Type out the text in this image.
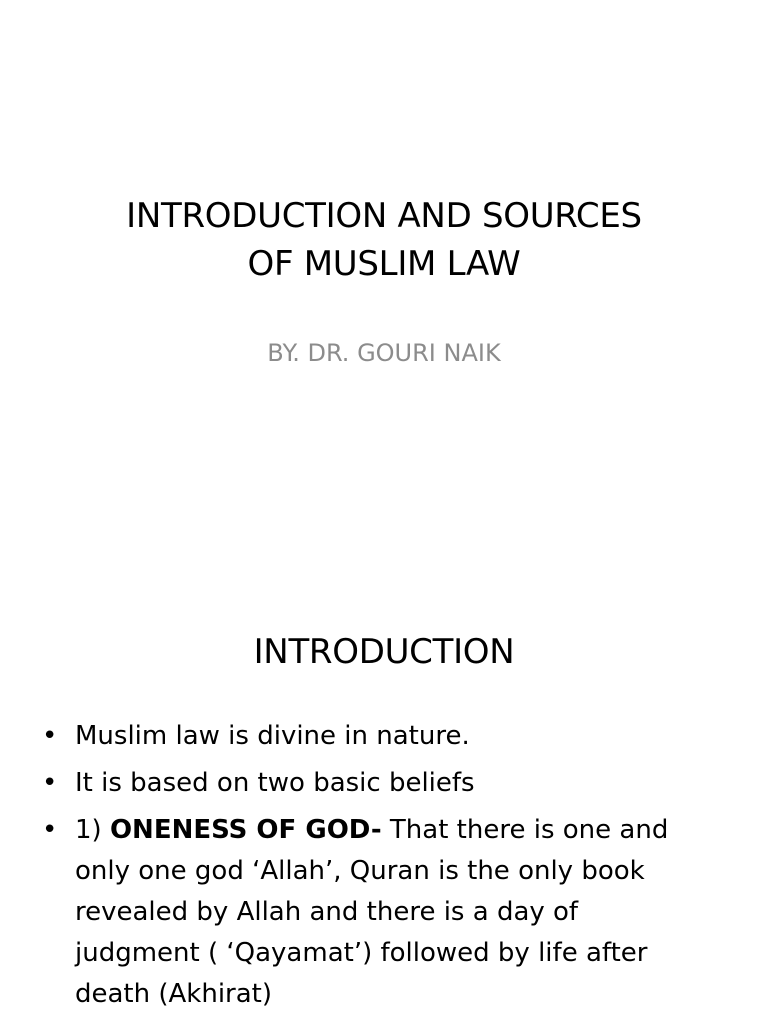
INTRODUCTION AND SOURCES
OF MUSLIM LAW

BY. DR. GOURI NAIK

INTRODUCTION
• Muslim law is divine in nature.
• It is based on two basic beliefs
• 1) ONENESS OF GOD- That there is one and only one god ‘Allah’, Quran is the only book revealed by Allah and there is a day of judgment ( ‘Qayamat’) followed by life after death (Akhirat)
